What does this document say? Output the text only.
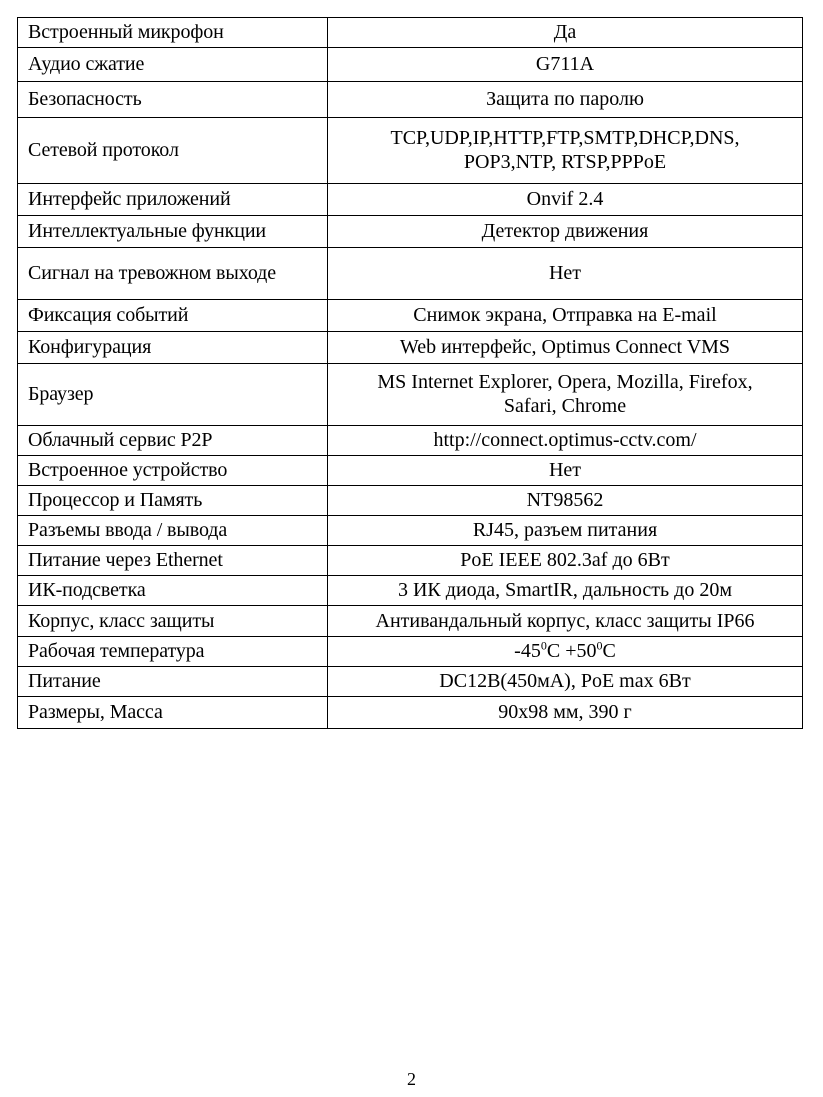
Встроенный микрофон	Да
Аудио сжатие	G711A
Безопасность	Защита по паролю
Сетевой протокол	TCP,UDP,IP,HTTP,FTP,SMTP,DHCP,DNS,
POP3,NTP, RTSP,PPPoE
Интерфейс приложений	Onvif 2.4
Интеллектуальные функции	Детектор движения
Сигнал на тревожном выходе	Нет
Фиксация событий	Снимок экрана, Отправка на E-mail
Конфигурация	Web интерфейс, Optimus Connect VMS
Браузер	MS Internet Explorer, Opera, Mozilla, Firefox,
Safari, Chrome
Облачный сервис P2P	http://connect.optimus-cctv.com/
Встроенное устройство	Нет
Процессор и Память	NT98562
Разъемы ввода / вывода	RJ45, разъем питания
Питание через Ethernet	PoE IEEE 802.3af до 6Вт
ИК-подсветка	3 ИК диода, SmartIR, дальность до 20м
Корпус, класс защиты	Антивандальный корпус, класс защиты IP66
Рабочая температура	$-45^0C +50^0C$
Питание	DC12В(450мА), PoE max 6Вт
Размеры, Масса	90х98 мм, 390 г
2
